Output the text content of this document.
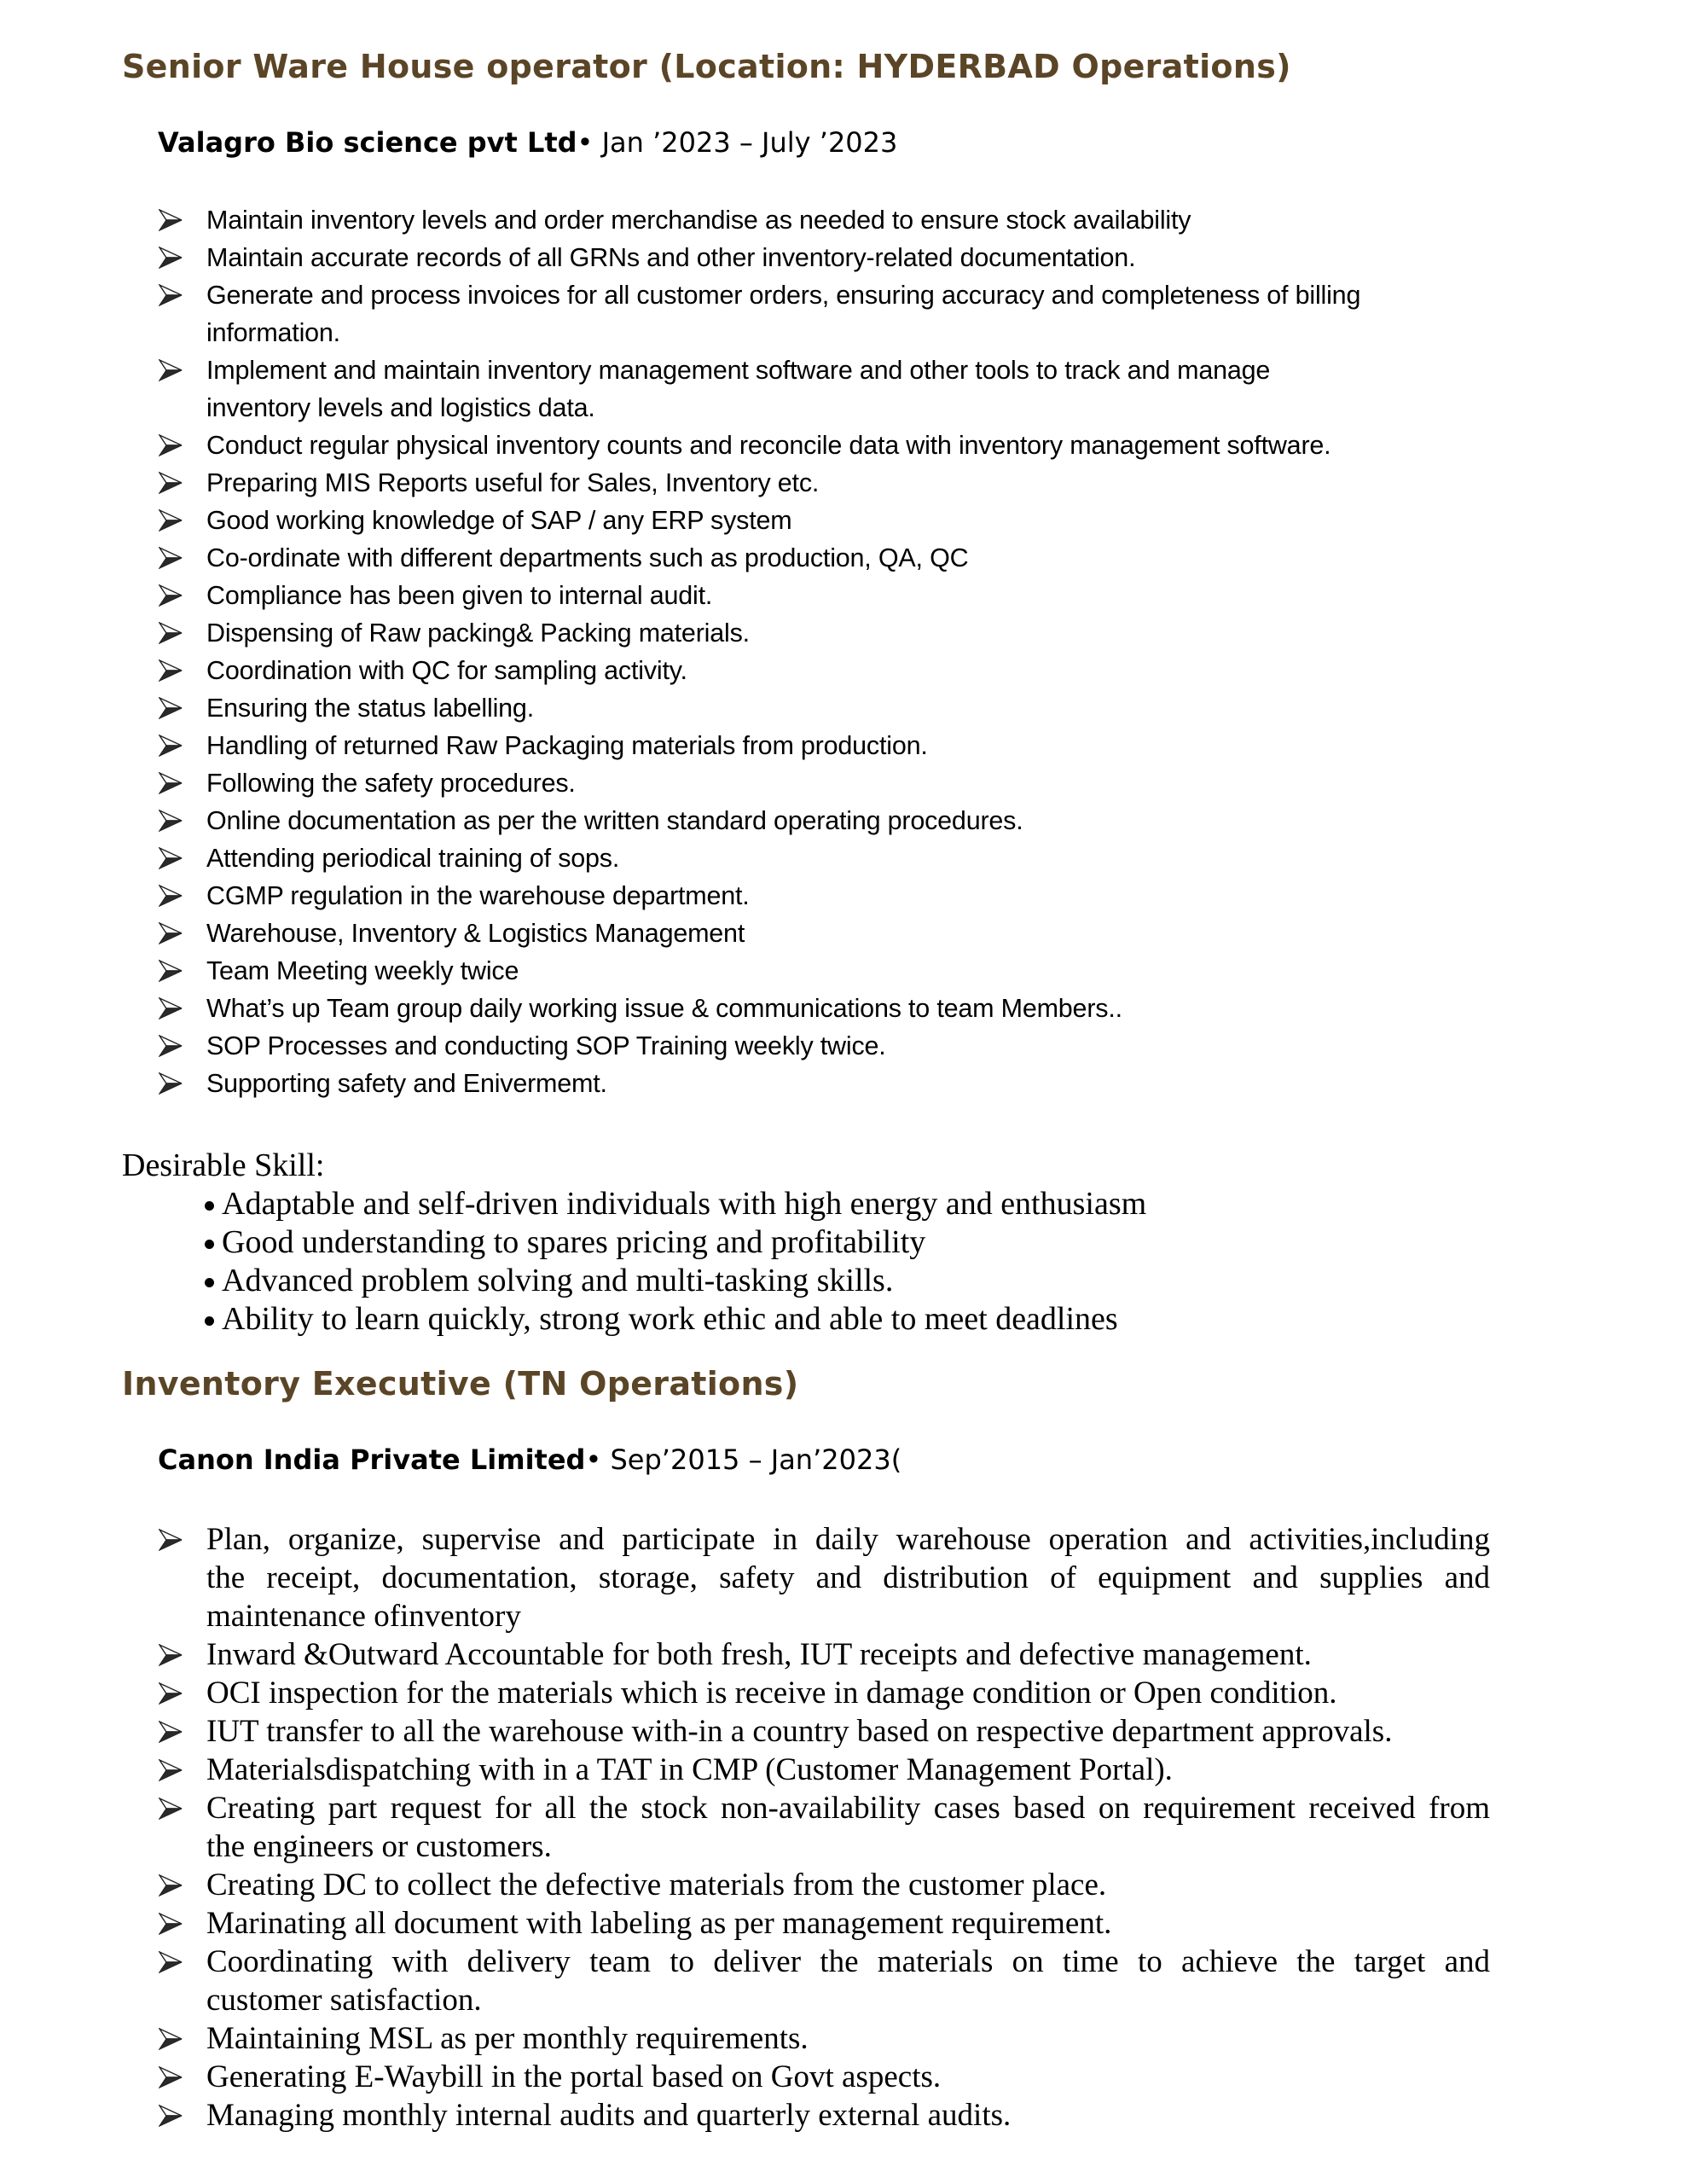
Senior Ware House operator (Location: HYDERBAD Operations)
Valagro Bio science pvt Ltd• Jan ’2023 – July ’2023
Maintain inventory levels and order merchandise as needed to ensure stock availability
Maintain accurate records of all GRNs and other inventory-related documentation.
Generate and process invoices for all customer orders, ensuring accuracy and completeness of billing
information.
Implement and maintain inventory management software and other tools to track and manage
inventory levels and logistics data.
Conduct regular physical inventory counts and reconcile data with inventory management software.
Preparing MIS Reports useful for Sales, Inventory etc.
Good working knowledge of SAP / any ERP system
Co-ordinate with different departments such as production, QA, QC
Compliance has been given to internal audit.
Dispensing of Raw packing& Packing materials.
Coordination with QC for sampling activity.
Ensuring the status labelling.
Handling of returned Raw Packaging materials from production.
Following the safety procedures.
Online documentation as per the written standard operating procedures.
Attending periodical training of sops.
CGMP regulation in the warehouse department.
Warehouse, Inventory & Logistics Management
Team Meeting weekly twice
What’s up Team group daily working issue & communications to team Members..
SOP Processes and conducting SOP Training weekly twice.
Supporting safety and Enivermemt.
Desirable Skill:
Adaptable and self-driven individuals with high energy and enthusiasm
Good understanding to spares pricing and profitability
Advanced problem solving and multi-tasking skills.
Ability to learn quickly, strong work ethic and able to meet deadlines
Inventory Executive (TN Operations)
Canon India Private Limited• Sep’2015 – Jan’2023(
Plan, organize, supervise and participate in daily warehouse operation and activities,including
the receipt, documentation, storage, safety and distribution of equipment and supplies and
maintenance ofinventory
Inward &Outward Accountable for both fresh, IUT receipts and defective management.
OCI inspection for the materials which is receive in damage condition or Open condition.
IUT transfer to all the warehouse with-in a country based on respective department approvals.
Materialsdispatching with in a TAT in CMP (Customer Management Portal).
Creating part request for all the stock non-availability cases based on requirement received from
the engineers or customers.
Creating DC to collect the defective materials from the customer place.
Marinating all document with labeling as per management requirement.
Coordinating with delivery team to deliver the materials on time to achieve the target and
customer satisfaction.
Maintaining MSL as per monthly requirements.
Generating E-Waybill in the portal based on Govt aspects.
Managing monthly internal audits and quarterly external audits.
